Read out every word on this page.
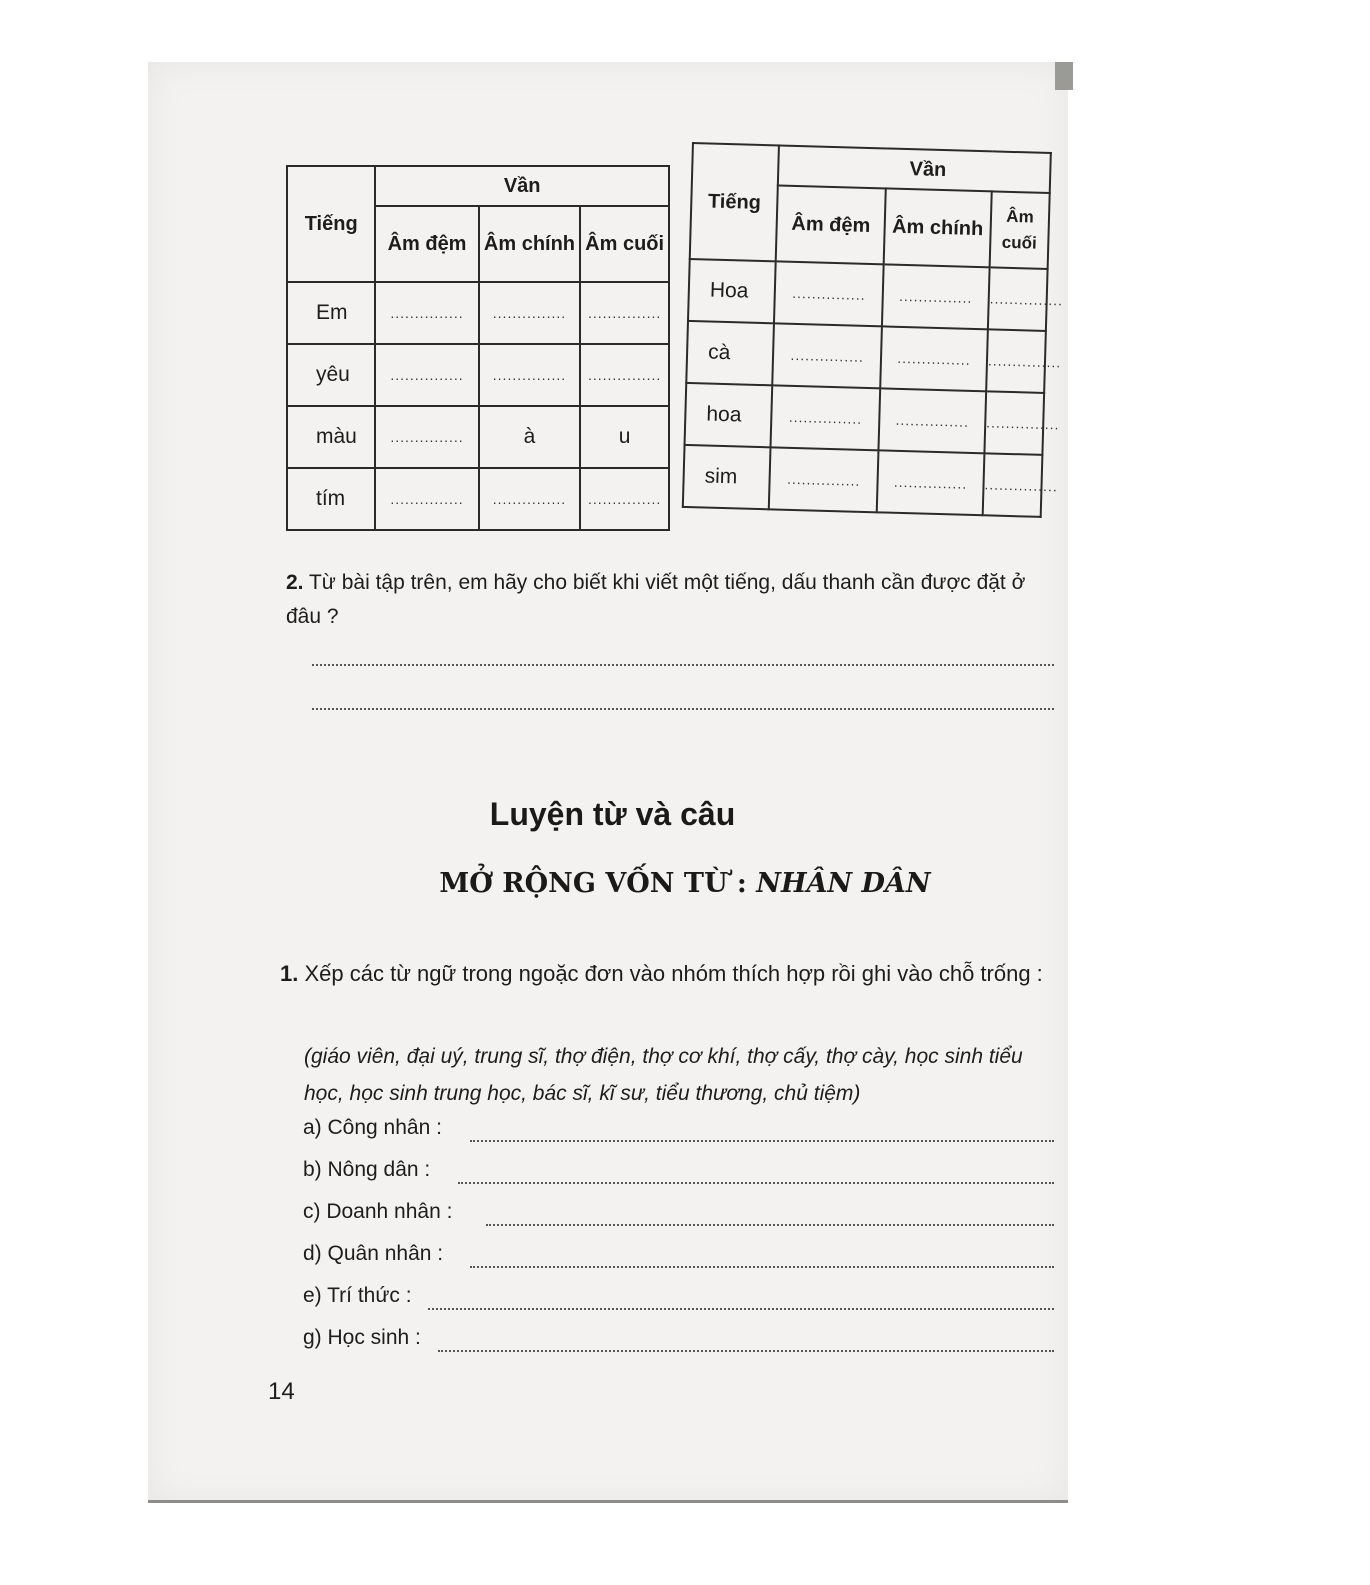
Tiếng	Vần		
	Âm đệm	Âm chính	Âm cuối
Em	...............	...............	...............
yêu	...............	...............	...............
màu	...............	à	u
tím	...............	...............	...............
Tiếng	Vần		
	Âm đệm	Âm chính	Âm cuối
Hoa	...............	...............	...............
cà	...............	...............	...............
hoa	...............	...............	...............
sim	...............	...............	...............
2. Từ bài tập trên, em hãy cho biết khi viết một tiếng, dấu thanh cần được đặt ở đâu ?
Luyện từ và câu
MỞ RỘNG VỐN TỪ : NHÂN DÂN
1. Xếp các từ ngữ trong ngoặc đơn vào nhóm thích hợp rồi ghi vào chỗ trống :
(giáo viên, đại uý, trung sĩ, thợ điện, thợ cơ khí, thợ cấy, thợ cày, học sinh tiểu học, học sinh trung học, bác sĩ, kĩ sư, tiểu thương, chủ tiệm)
a) Công nhân :
b) Nông dân :
c) Doanh nhân :
d) Quân nhân :
e) Trí thức :
g) Học sinh :
14
